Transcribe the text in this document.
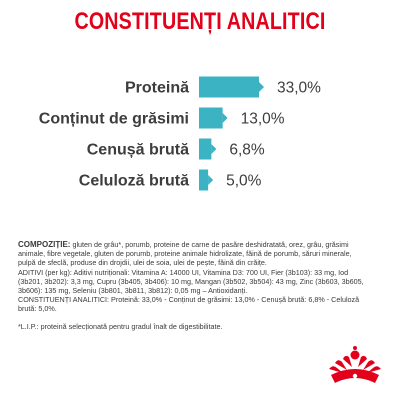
CONSTITUENȚI ANALITICI
Proteină	33,0%
Conținut de grăsimi	13,0%
Cenușă brută	6,8%
Celuloză brută 5,0%

COMPOZIȚIE: gluten de grâu*, porumb, proteine de carne de pasăre deshidratată, orez, grâu, grăsimi animale, fibre vegetale, gluten de porumb, proteine animale hidrolizate, făină de porumb, săruri minerale, pulpă de sfeclă, produse din drojdii, ulei de soia, ulei de pește, făină din crăițe.
ADITIVI (per kg): Aditivi nutriționali: Vitamina A: 14000 UI, Vitamina D3: 700 UI, Fier (3b103): 33 mg, Iod (3b201, 3b202): 3,3 mg, Cupru (3b405, 3b406): 10 mg, Mangan (3b502, 3b504): 43 mg, Zinc (3b603, 3b605, 3b606): 135 mg, Seleniu (3b801, 3b811, 3b812): 0,05 mg – Antioxidanți.
CONSTITUENȚI ANALITICI: Proteină: 33,0% - Conținut de grăsimi: 13,0% - Cenușă brută: 6,8% - Celuloză brută: 5,0%.

*L.I.P.: proteină selecționată pentru gradul înalt de digestibilitate.
